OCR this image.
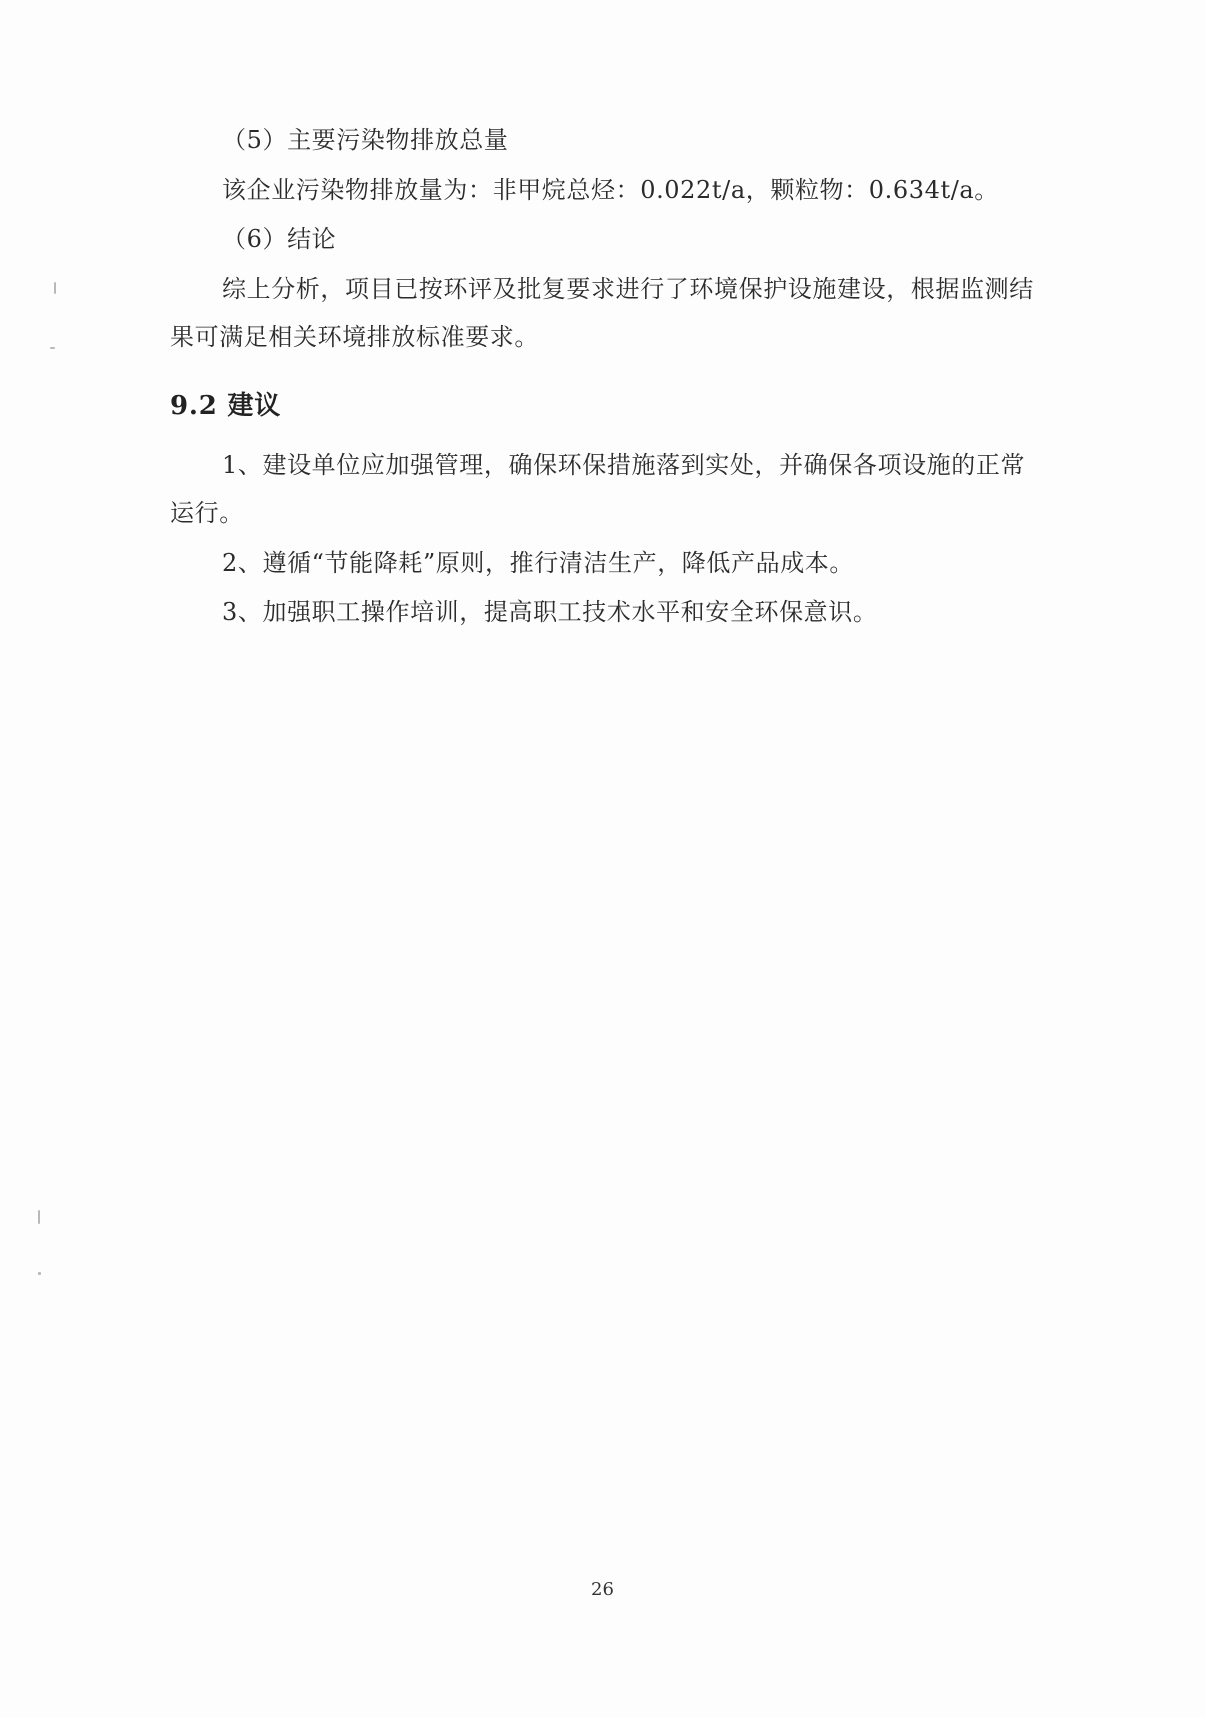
（5）主要污染物排放总量
该企业污染物排放量为：非甲烷总烃：0.022t/a，颗粒物：0.634t/a。
（6）结论
综上分析，项目已按环评及批复要求进行了环境保护设施建设，根据监测结
果可满足相关环境排放标准要求。
9.2 建议
1、建设单位应加强管理，确保环保措施落到实处，并确保各项设施的正常
运行。
2、遵循“节能降耗”原则，推行清洁生产，降低产品成本。
3、加强职工操作培训，提高职工技术水平和安全环保意识。
26
